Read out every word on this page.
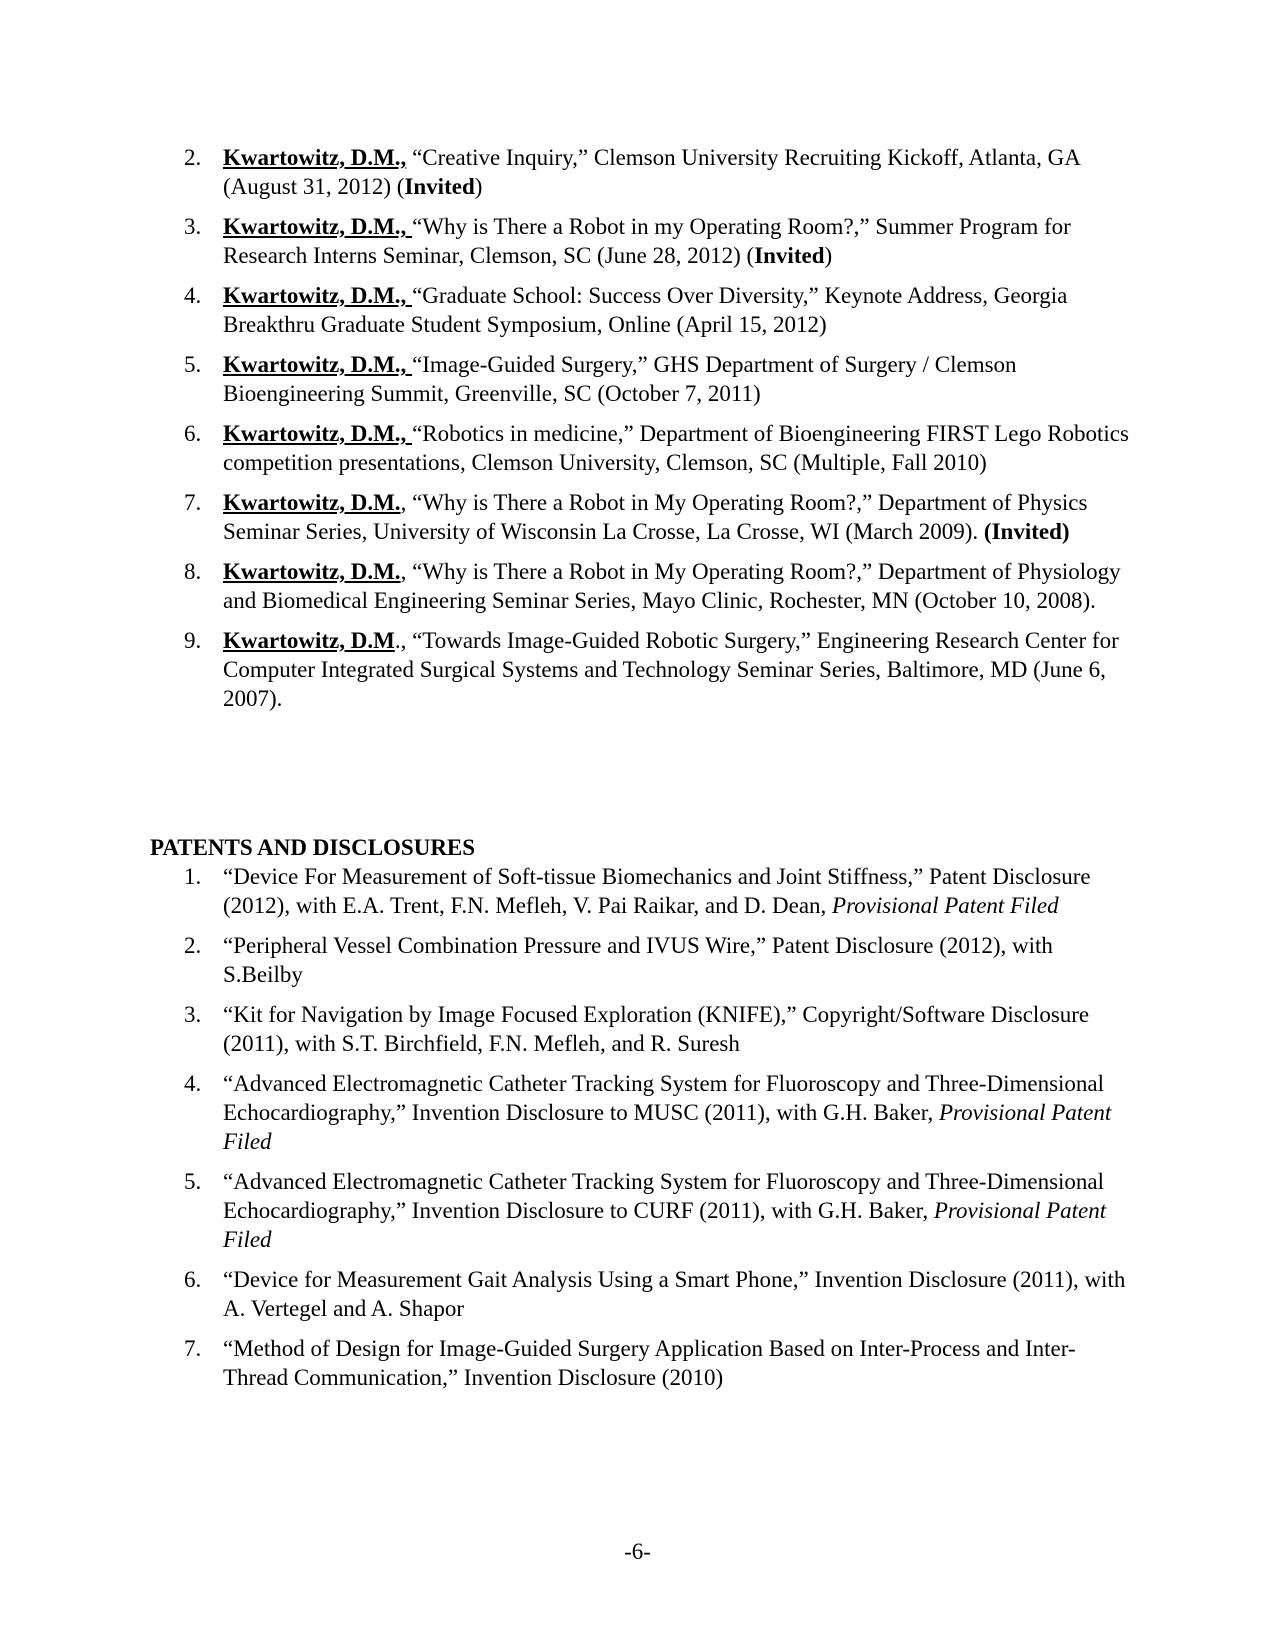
2. Kwartowitz, D.M., “Creative Inquiry,” Clemson University Recruiting Kickoff, Atlanta, GA (August 31, 2012) (Invited)
3. Kwartowitz, D.M., “Why is There a Robot in my Operating Room?,” Summer Program for Research Interns Seminar, Clemson, SC (June 28, 2012) (Invited)
4. Kwartowitz, D.M., “Graduate School: Success Over Diversity,” Keynote Address, Georgia Breakthru Graduate Student Symposium, Online (April 15, 2012)
5. Kwartowitz, D.M., “Image-Guided Surgery,” GHS Department of Surgery / Clemson Bioengineering Summit, Greenville, SC (October 7, 2011)
6. Kwartowitz, D.M., “Robotics in medicine,” Department of Bioengineering FIRST Lego Robotics competition presentations, Clemson University, Clemson, SC (Multiple, Fall 2010)
7. Kwartowitz, D.M., “Why is There a Robot in My Operating Room?,” Department of Physics Seminar Series, University of Wisconsin La Crosse, La Crosse, WI (March 2009). (Invited)
8. Kwartowitz, D.M., “Why is There a Robot in My Operating Room?,” Department of Physiology and Biomedical Engineering Seminar Series, Mayo Clinic, Rochester, MN (October 10, 2008).
9. Kwartowitz, D.M., “Towards Image-Guided Robotic Surgery,” Engineering Research Center for Computer Integrated Surgical Systems and Technology Seminar Series, Baltimore, MD (June 6, 2007).
PATENTS AND DISCLOSURES
1. “Device For Measurement of Soft-tissue Biomechanics and Joint Stiffness,” Patent Disclosure (2012), with E.A. Trent, F.N. Mefleh, V. Pai Raikar, and D. Dean, Provisional Patent Filed
2. “Peripheral Vessel Combination Pressure and IVUS Wire,” Patent Disclosure (2012), with S.Beilby
3. “Kit for Navigation by Image Focused Exploration (KNIFE),” Copyright/Software Disclosure (2011), with S.T. Birchfield, F.N. Mefleh, and R. Suresh
4. “Advanced Electromagnetic Catheter Tracking System for Fluoroscopy and Three-Dimensional Echocardiography,” Invention Disclosure to MUSC (2011), with G.H. Baker, Provisional Patent Filed
5. “Advanced Electromagnetic Catheter Tracking System for Fluoroscopy and Three-Dimensional Echocardiography,” Invention Disclosure to CURF (2011), with G.H. Baker, Provisional Patent Filed
6. “Device for Measurement Gait Analysis Using a Smart Phone,” Invention Disclosure (2011), with A. Vertegel and A. Shapor
7. “Method of Design for Image-Guided Surgery Application Based on Inter-Process and Inter-Thread Communication,” Invention Disclosure (2010)
-6-
